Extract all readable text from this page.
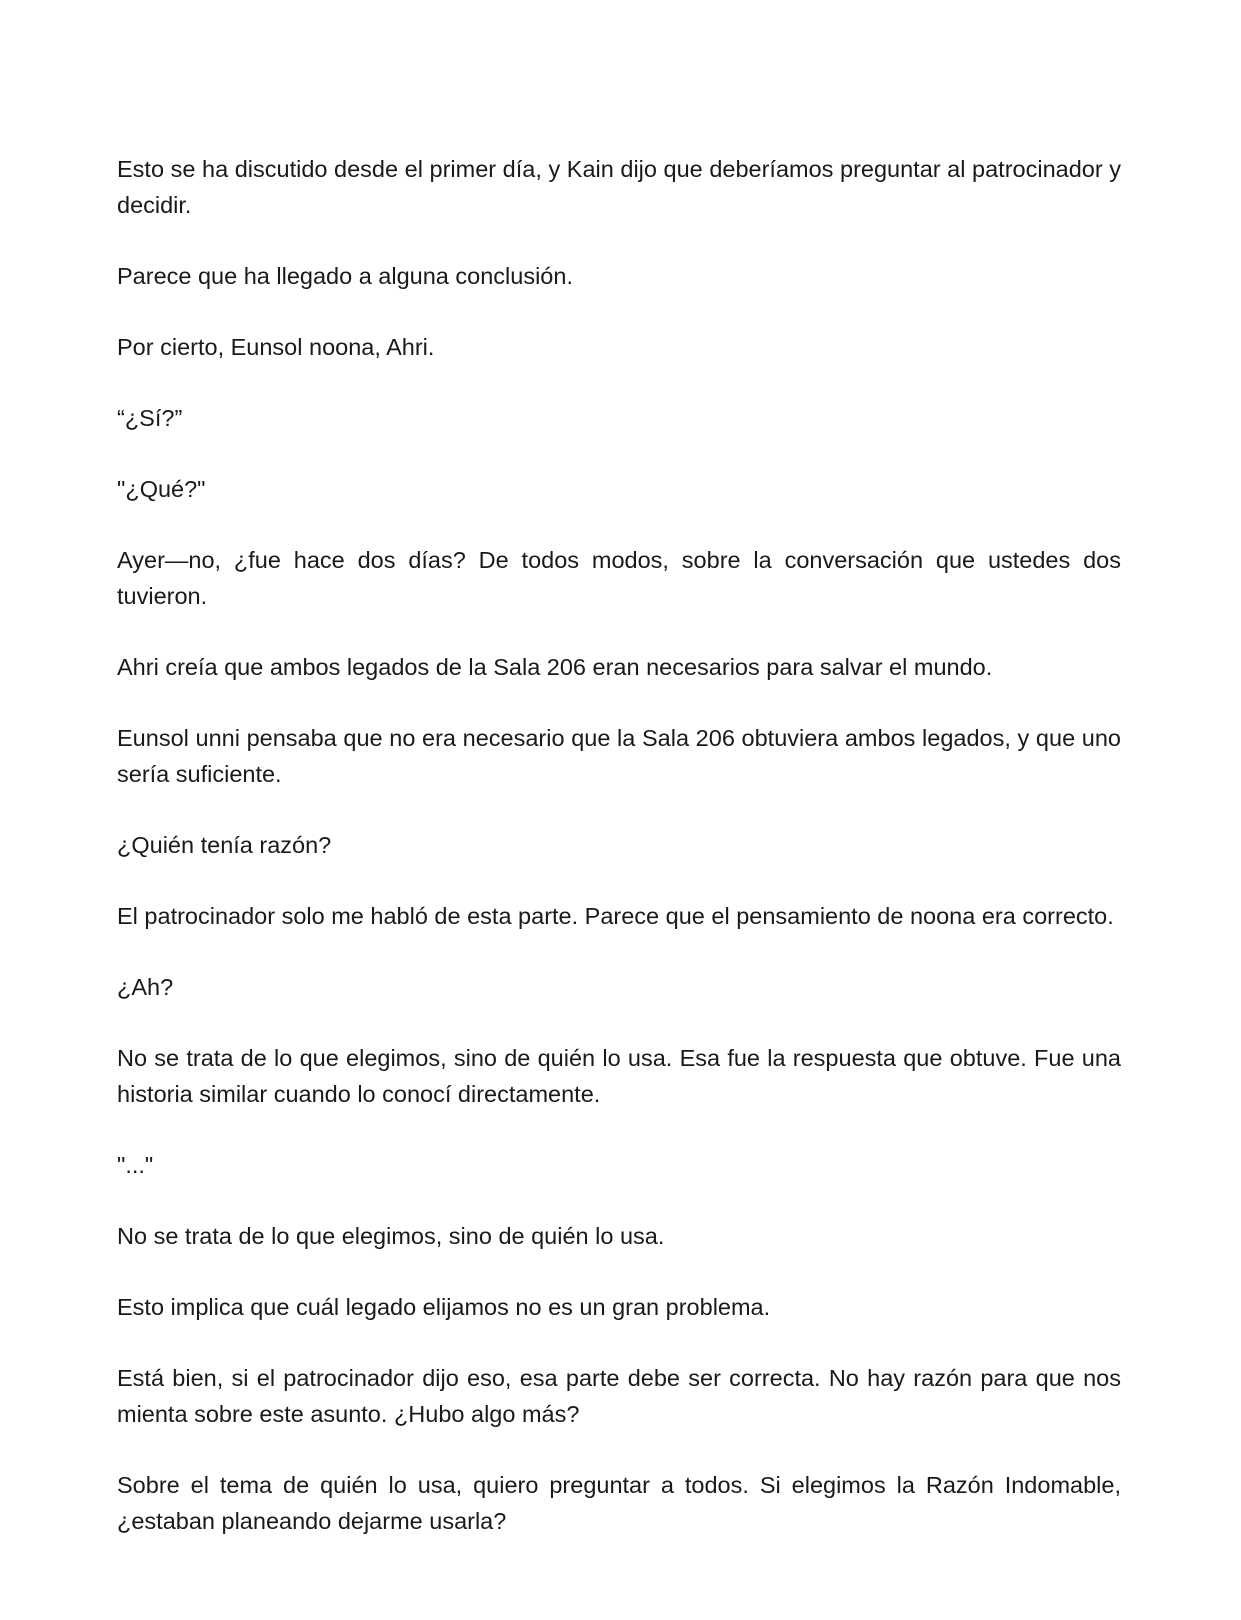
Esto se ha discutido desde el primer día, y Kain dijo que deberíamos preguntar al patrocinador y decidir.

Parece que ha llegado a alguna conclusión.

Por cierto, Eunsol noona, Ahri.

“¿Sí?”

"¿Qué?"

Ayer—no, ¿fue hace dos días? De todos modos, sobre la conversación que ustedes dos tuvieron.

Ahri creía que ambos legados de la Sala 206 eran necesarios para salvar el mundo.

Eunsol unni pensaba que no era necesario que la Sala 206 obtuviera ambos legados, y que uno sería suficiente.

¿Quién tenía razón?

El patrocinador solo me habló de esta parte. Parece que el pensamiento de noona era correcto.

¿Ah?

No se trata de lo que elegimos, sino de quién lo usa. Esa fue la respuesta que obtuve. Fue una historia similar cuando lo conocí directamente.

"..."

No se trata de lo que elegimos, sino de quién lo usa.

Esto implica que cuál legado elijamos no es un gran problema.

Está bien, si el patrocinador dijo eso, esa parte debe ser correcta. No hay razón para que nos mienta sobre este asunto. ¿Hubo algo más?

Sobre el tema de quién lo usa, quiero preguntar a todos. Si elegimos la Razón Indomable, ¿estaban planeando dejarme usarla?
